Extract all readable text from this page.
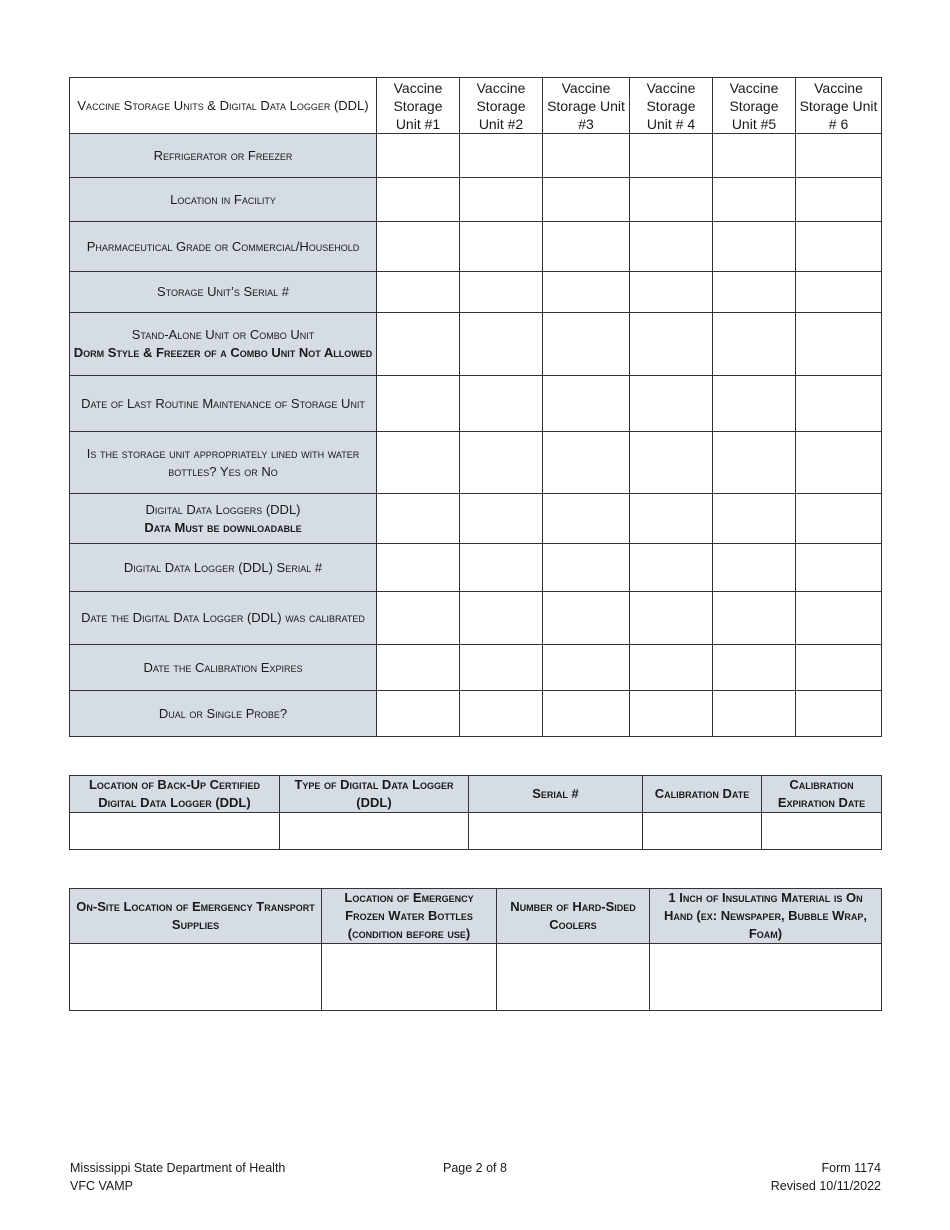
Vaccine Storage Units & Digital Data Logger (DDL)	Vaccine Storage Unit #1	Vaccine Storage Unit #2	Vaccine Storage Unit #3	Vaccine Storage Unit # 4	Vaccine Storage Unit #5	Vaccine Storage Unit # 6
Refrigerator or Freezer						
Location in Facility						
Pharmaceutical Grade or Commercial/Household						
Storage Unit’s Serial #						
Stand-Alone Unit or Combo Unit
Dorm Style & Freezer of a Combo Unit Not Allowed						

Date of Last Routine Maintenance of Storage Unit						
Is the storage unit appropriately lined with water bottles? Yes or No						
Digital Data Loggers (DDL)
Data Must be downloadable						

Digital Data Logger (DDL) Serial #						
Date the Digital Data Logger (DDL) was calibrated						
Date the Calibration Expires						
Dual or Single Probe?						
Location of Back-Up Certified Digital Data Logger (DDL)	Type of Digital Data Logger (DDL)	Serial #	Calibration Date	Calibration Expiration Date

On-Site Location of Emergency Transport Supplies	Location of Emergency Frozen Water Bottles (condition before use)	Number of Hard-Sided Coolers	1 Inch of Insulating Material is On Hand (ex: Newspaper, Bubble Wrap, Foam)

Mississippi State Department of Health
VFC VAMP
Page 2 of 8	Form 1174
Revised 10/11/2022
